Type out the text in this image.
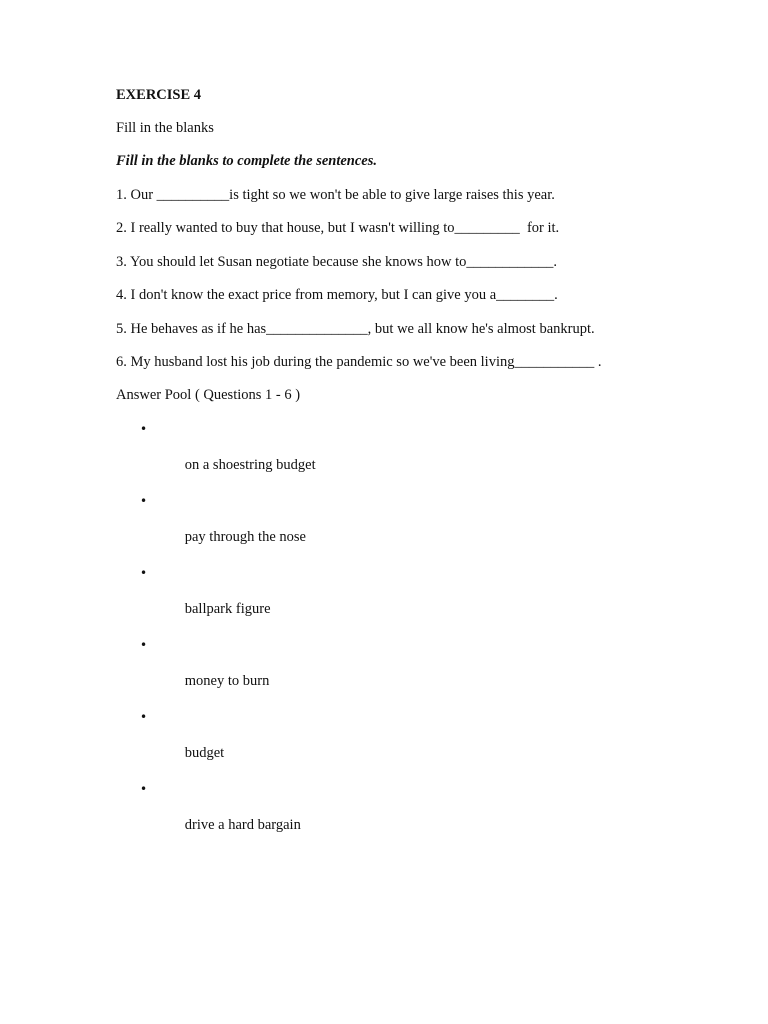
EXERCISE 4

Fill in the blanks

Fill in the blanks to complete the sentences.

1. Our __________is tight so we won't be able to give large raises this year.

2. I really wanted to buy that house, but I wasn't willing to_________  for it.

3. You should let Susan negotiate because she knows how to____________.

4. I don't know the exact price from memory, but I can give you a________.

5. He behaves as if he has______________, but we all know he's almost bankrupt.

6. My husband lost his job during the pandemic so we've been living___________ .

Answer Pool ( Questions 1 - 6 )

•

on a shoestring budget

•

pay through the nose

•

ballpark figure

•

money to burn

•

budget

•

drive a hard bargain
